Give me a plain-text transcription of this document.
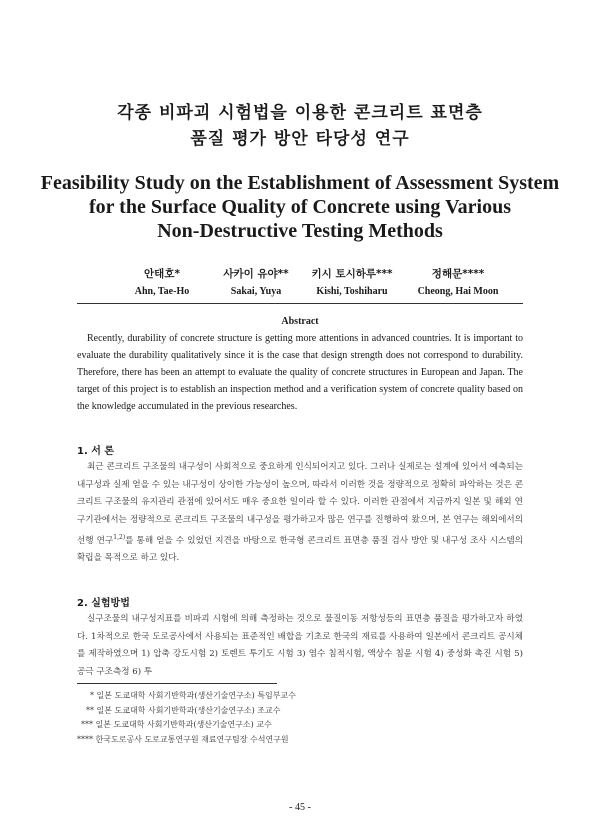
각종 비파괴 시험법을 이용한 콘크리트 표면층
품질 평가 방안 타당성 연구
Feasibility Study on the Establishment of Assessment System
for the Surface Quality of Concrete using Various
Non-Destructive Testing Methods
안태호*
Ahn, Tae-Ho
사카이 유야**
Sakai, Yuya
키시 토시하루***
Kishi, Toshiharu
정해문****
Cheong, Hai Moon
Abstract
Recently, durability of concrete structure is getting more attentions in advanced countries. It is important to evaluate the durability qualitatively since it is the case that design strength does not correspond to durability. Therefore, there has been an attempt to evaluate the quality of concrete structures in European and Japan. The target of this project is to establish an inspection method and a verification system of concrete quality based on the knowledge accumulated in the previous researches.
1. 서 론
최근 콘크리트 구조물의 내구성이 사회적으로 중요하게 인식되어지고 있다. 그러나 실제로는 설계에 있어서 예측되는 내구성과 실제 얻을 수 있는 내구성이 상이한 가능성이 높으며, 따라서 이러한 것을 정량적으로 정확히 파악하는 것은 콘크리트 구조물의 유지관리 관점에 있어서도 매우 중요한 일이라 할 수 있다. 이러한 관점에서 지금까지 일본 및 해외 연구기관에서는 정량적으로 콘크리트 구조물의 내구성을 평가하고자 많은 연구를 진행하여 왔으며, 본 연구는 해외에서의 선행 연구$^{1,2)}$를 통해 얻을 수 있었던 지견을 바탕으로 한국형 콘크리트 표면층 품질 검사 방안 및 내구성 조사 시스템의 확립을 목적으로 하고 있다.
2. 실험방법
실구조물의 내구성지표를 비파괴 시험에 의해 측정하는 것으로 물질이동 저항성등의 표면층 품질을 평가하고자 하였다. 1차적으로 한국 도로공사에서 사용되는 표준적인 배합을 기초로 한국의 재료를 사용하여 일본에서 콘크리트 공시체를 제작하였으며 1) 압축 강도시험 2) 토렌트 투기도 시험 3) 염수 침적시험, 액상수 침윤 시험 4) 중성화 촉진 시험 5) 공극 구조측정 6) 투
* 일본 도쿄대학 사회기반학과(생산기술연구소) 특임부교수
** 일본 도쿄대학 사회기반학과(생산기술연구소) 조교수
*** 일본 도쿄대학 사회기반학과(생산기술연구소) 교수
**** 한국도로공사 도로교통연구원 재료연구팀장 수석연구원
- 45 -
